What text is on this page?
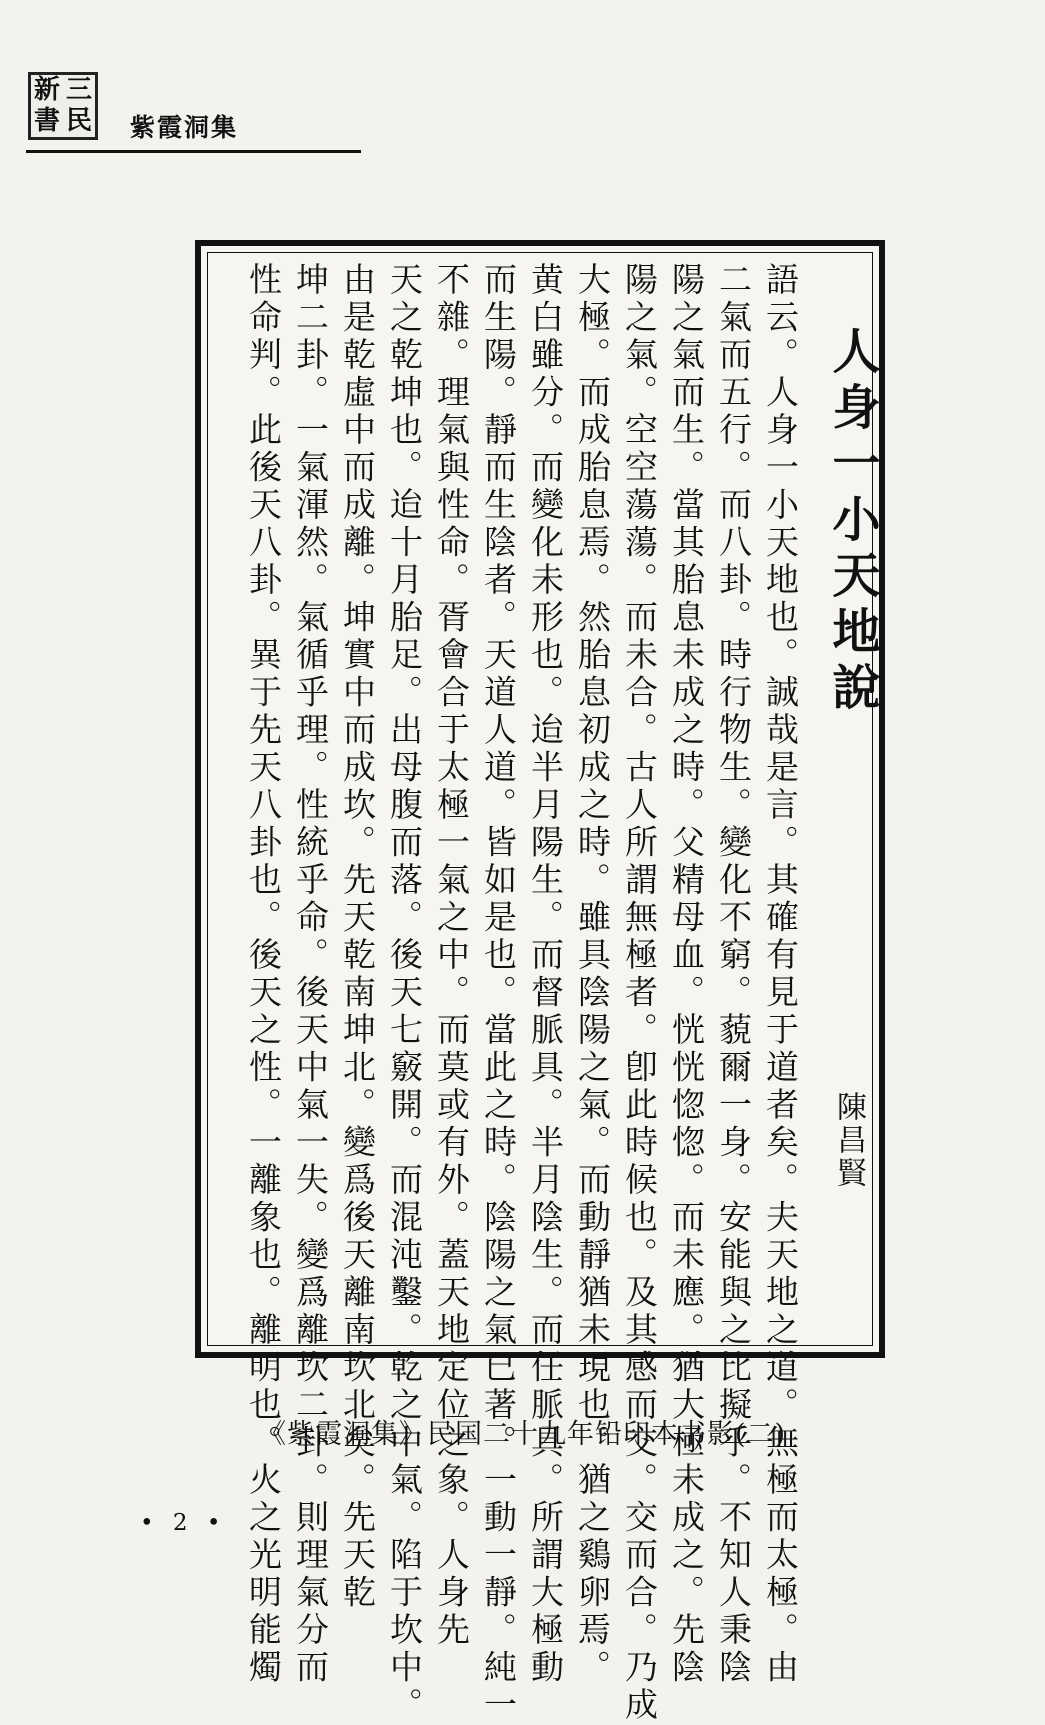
新 三
書 民 紫霞洞集
人身一小天地說
陳昌賢
語云。人身一小天地也。誠哉是言。其確有見于道者矣。夫天地之道。無極而太極。由
二氣而五行。而八卦。時行物生。變化不窮。藐爾一身。安能與之比擬乎。不知人秉陰
陽之氣而生。當其胎息未成之時。父精母血。恍恍惚惚。而未應。猶大極未成之。先陰
陽之氣。空空蕩蕩。而未合。古人所謂無極者。卽此時候也。及其感而交。交而合。乃成
大極。而成胎息焉。然胎息初成之時。雖具陰陽之氣。而動靜猶未現也。猶之鷄卵焉。
黄白雖分。而變化未形也。迨半月陽生。而督脈具。半月陰生。而任脈具。所謂大極動
而生陽。靜而生陰者。天道人道。皆如是也。當此之時。陰陽之氣已著。一動一靜。純一
不雜。理氣與性命。胥會合于太極一氣之中。而莫或有外。蓋天地定位之象。人身先
天之乾坤也。迨十月胎足。出母腹而落。後天七竅開。而混沌鑿。乾之中氣。陷于坎中。
由是乾虛中而成離。坤實中而成坎。先天乾南坤北。變爲後天離南坎北矣。先天乾
坤二卦。一氣渾然。氣循乎理。性統乎命。後天中氣一失。變爲離坎二卦。則理氣分而
性命判。此後天八卦。異于先天八卦也。後天之性。一離象也。離明也。火之光明能燭
《紫霞洞集》民国二十九年铅印本书影(二)
• 2 •
